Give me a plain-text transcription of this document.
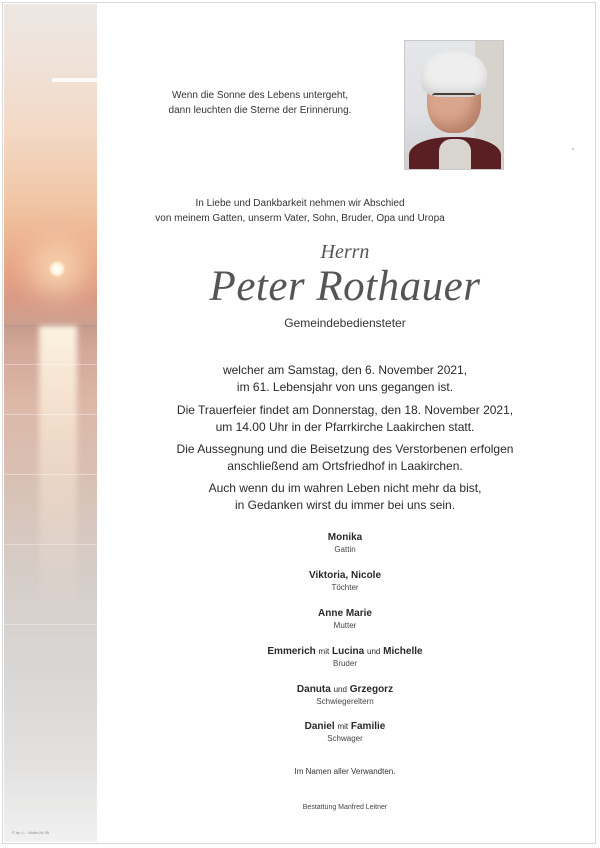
© bp L. - Motiv-Nr.95
Wenn die Sonne des Lebens untergeht,
dann leuchten die Sterne der Erinnerung.
In Liebe und Dankbarkeit nehmen wir Abschied
von meinem Gatten, unserm Vater, Sohn, Bruder, Opa und Uropa
Herrn
Peter Rothauer
Gemeindebediensteter
welcher am Samstag, den 6. November 2021,
im 61. Lebensjahr von uns gegangen ist.
Die Trauerfeier findet am Donnerstag, den 18. November 2021,
um 14.00 Uhr in der Pfarrkirche Laakirchen statt.
Die Aussegnung und die Beisetzung des Verstorbenen erfolgen
anschließend am Ortsfriedhof in Laakirchen.
Auch wenn du im wahren Leben nicht mehr da bist,
in Gedanken wirst du immer bei uns sein.
Monika
Gattin
Viktoria, Nicole
Töchter
Anne Marie
Mutter
Emmerich mit Lucina und Michelle
Bruder
Danuta und Grzegorz
Schwiegereltern
Daniel mit Familie
Schwager
Im Namen aller Verwandten.
Bestattung Manfred Leitner
